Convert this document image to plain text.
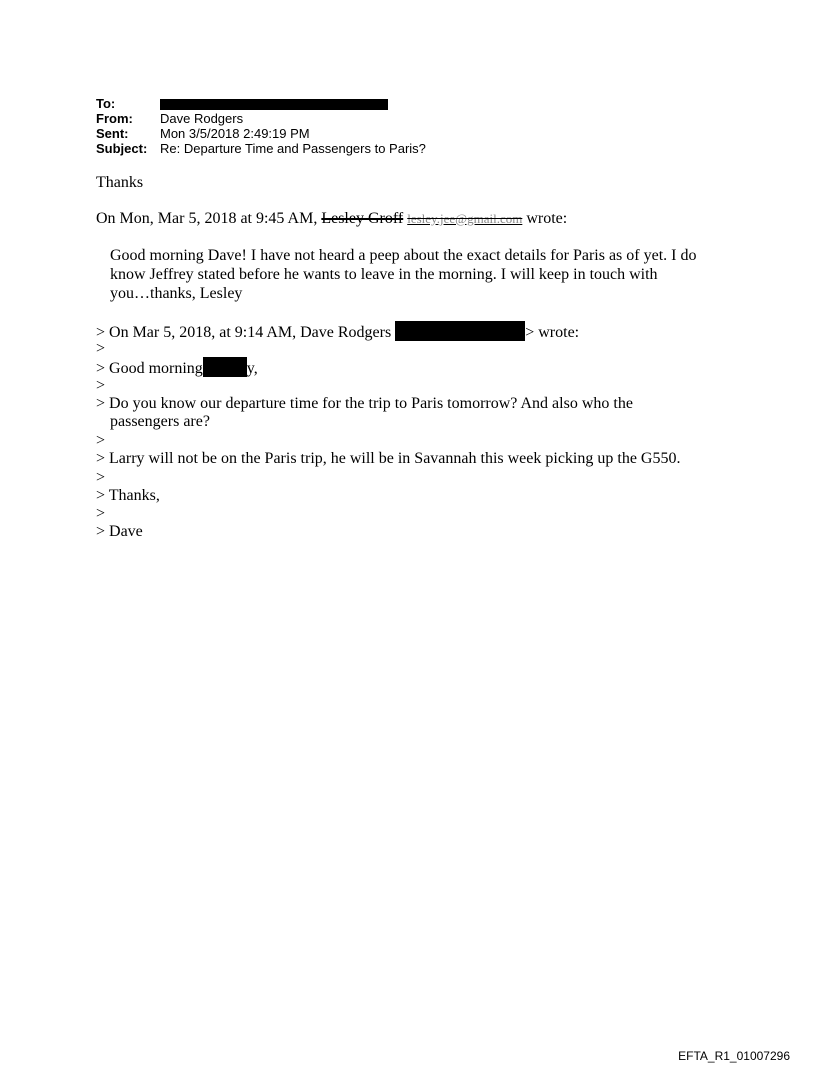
To:
From: Dave Rodgers
Sent: Mon 3/5/2018 2:49:19 PM
Subject: Re: Departure Time and Passengers to Paris?
Thanks
On Mon, Mar 5, 2018 at 9:45 AM, Lesley Groff lesley.jee@gmail.com wrote:
Good morning Dave! I have not heard a peep about the exact details for Paris as of yet. I do
know Jeffrey stated before he wants to leave in the morning. I will keep in touch with
you…thanks, Lesley
> On Mar 5, 2018, at 9:14 AM, Dave Rodgers	> wrote:
>
> Good morning	y,
>
> Do you know our departure time for the trip to Paris tomorrow? And also who the
passengers are?
>
> Larry will not be on the Paris trip, he will be in Savannah this week picking up the G550.
>
> Thanks,
>
> Dave
EFTA_R1_01007296
